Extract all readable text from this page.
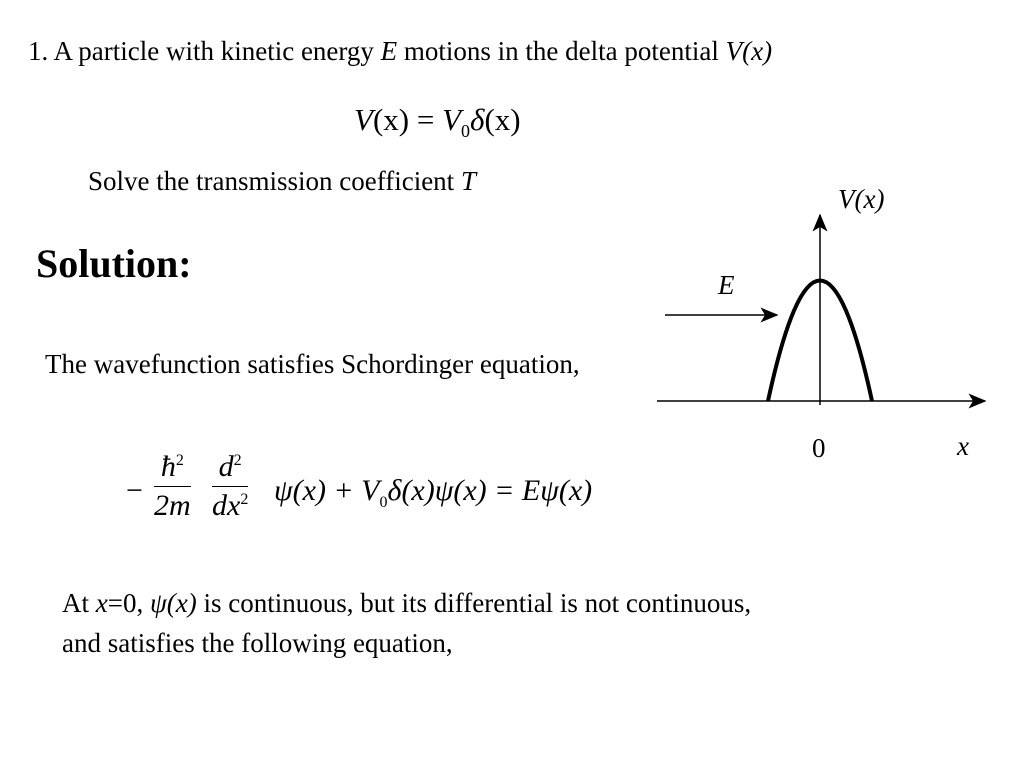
1. A particle with kinetic energy E motions in the delta potential V(x)
$V(x) = V_0\delta(x)$
Solve the transmission coefficient T
Solution:
The wavefunction satisfies Schordinger equation,
−
$ħ^2$
2m
$d^2$
$dx^2$ $\psi(x) + V_0\delta(x)\psi(x) = E\psi(x)$
At x=0, ψ(x) is continuous, but its differential is not continuous,
and satisfies the following equation,
V(x)
E
0	x
